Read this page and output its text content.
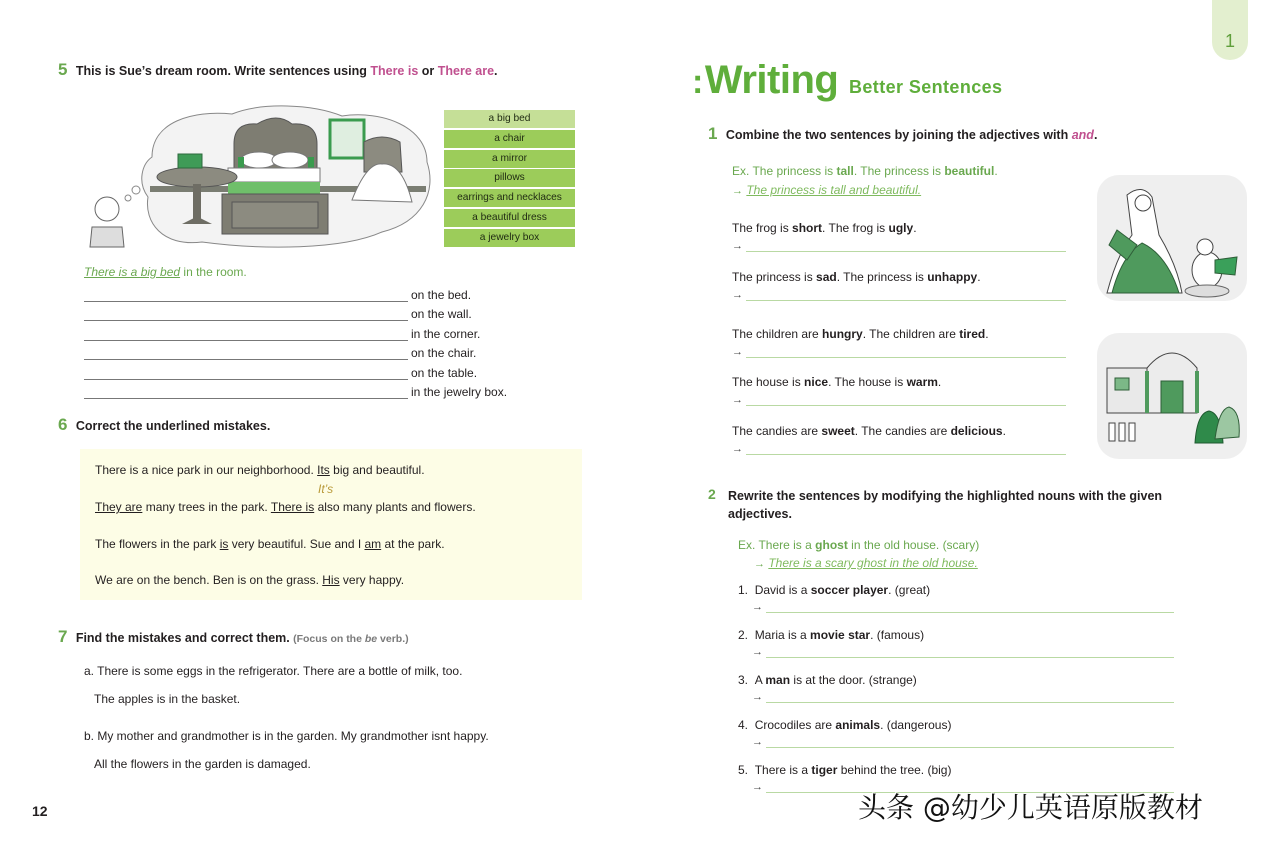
5 This is Sue’s dream room. Write sentences using There is or There are.
a big bed
a chair
a mirror
pillows
earrings and necklaces
a beautiful dress
a jewelry box
There is a big bed in the room.
on the bed.
on the wall.
in the corner.
on the chair.
on the table.
in the jewelry box.
6 Correct the underlined mistakes.
There is a nice park in our neighborhood. Its big and beautiful.
It’s
They are many trees in the park. There is also many plants and flowers.
The flowers in the park is very beautiful. Sue and I am at the park.
We are on the bench. Ben is on the grass. His very happy.
7 Find the mistakes and correct them. (Focus on the be verb.)
a. There is some eggs in the refrigerator. There are a bottle of milk, too.
The apples is in the basket.
b. My mother and grandmother is in the garden. My grandmother isnt happy.
All the flowers in the garden is damaged.
12
1
:Writing Better Sentences
1 Combine the two sentences by joining the adjectives with and.
Ex. The princess is tall. The princess is beautiful.
→ The princess is tall and beautiful.
The frog is short. The frog is ugly.
→
The princess is sad. The princess is unhappy.
→
The children are hungry. The children are tired.
→
The house is nice. The house is warm.
→
The candies are sweet. The candies are delicious.
→
2 Rewrite the sentences by modifying the highlighted nouns with the given
adjectives.
Ex. There is a ghost in the old house. (scary)
→ There is a scary ghost in the old house.
1. David is a soccer player. (great)
→
2. Maria is a movie star. (famous)
→
3. A man is at the door. (strange)
→
4. Crocodiles are animals. (dangerous)
→
5. There is a tiger behind the tree. (big)
→
头条 @幼少儿英语原版教材
